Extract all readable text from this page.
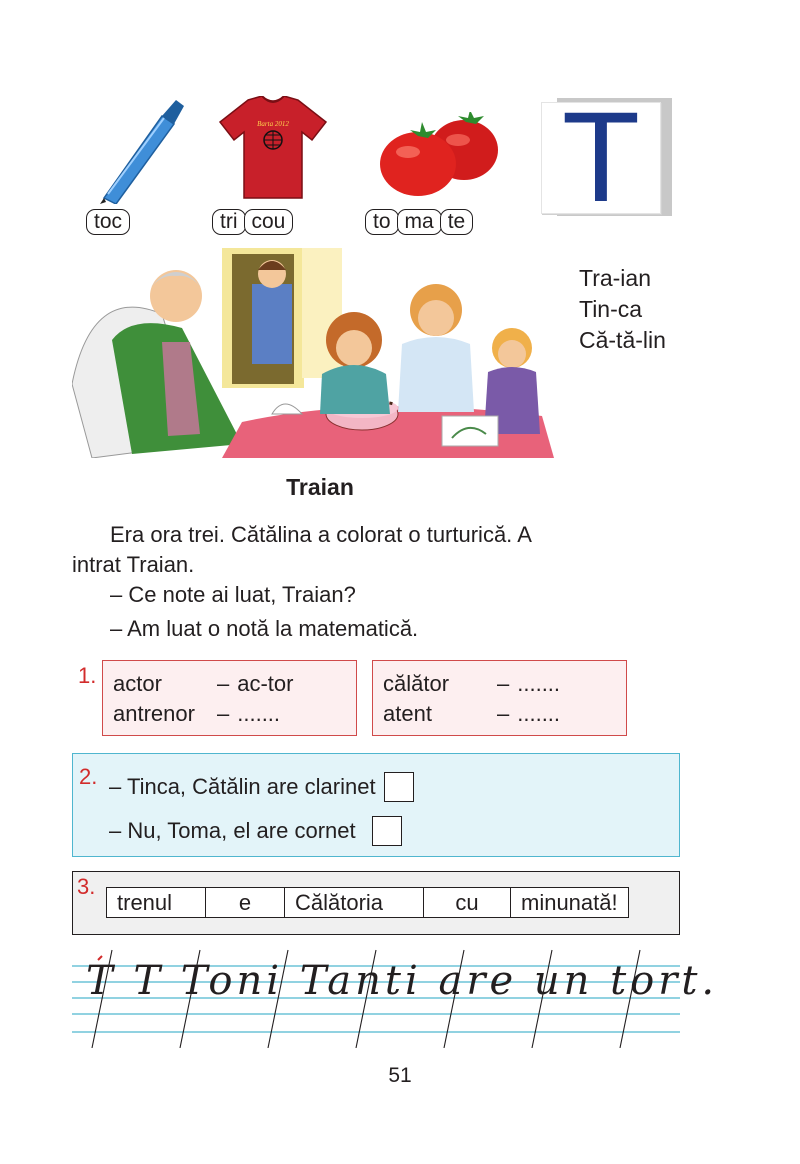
Barta 2012
toc	tri cou	to ma te T
Tra-ian
Tin-ca
Că-tă-lin
Traian
Era ora trei. Cătălina a colorat o turturică. A
intrat Traian.
– Ce note ai luat, Traian?
– Am luat o notă la matematică.
1. actor	–	ac-tor
antrenor	–	.......
călător	–	.......
atent	–	.......
2. – Tinca, Cătălin are clarinet
– Nu, Toma, el are cornet
3.
trenul	e	Călătoria	cu	minunată!
T T Toni Tanti are un tort.
51
